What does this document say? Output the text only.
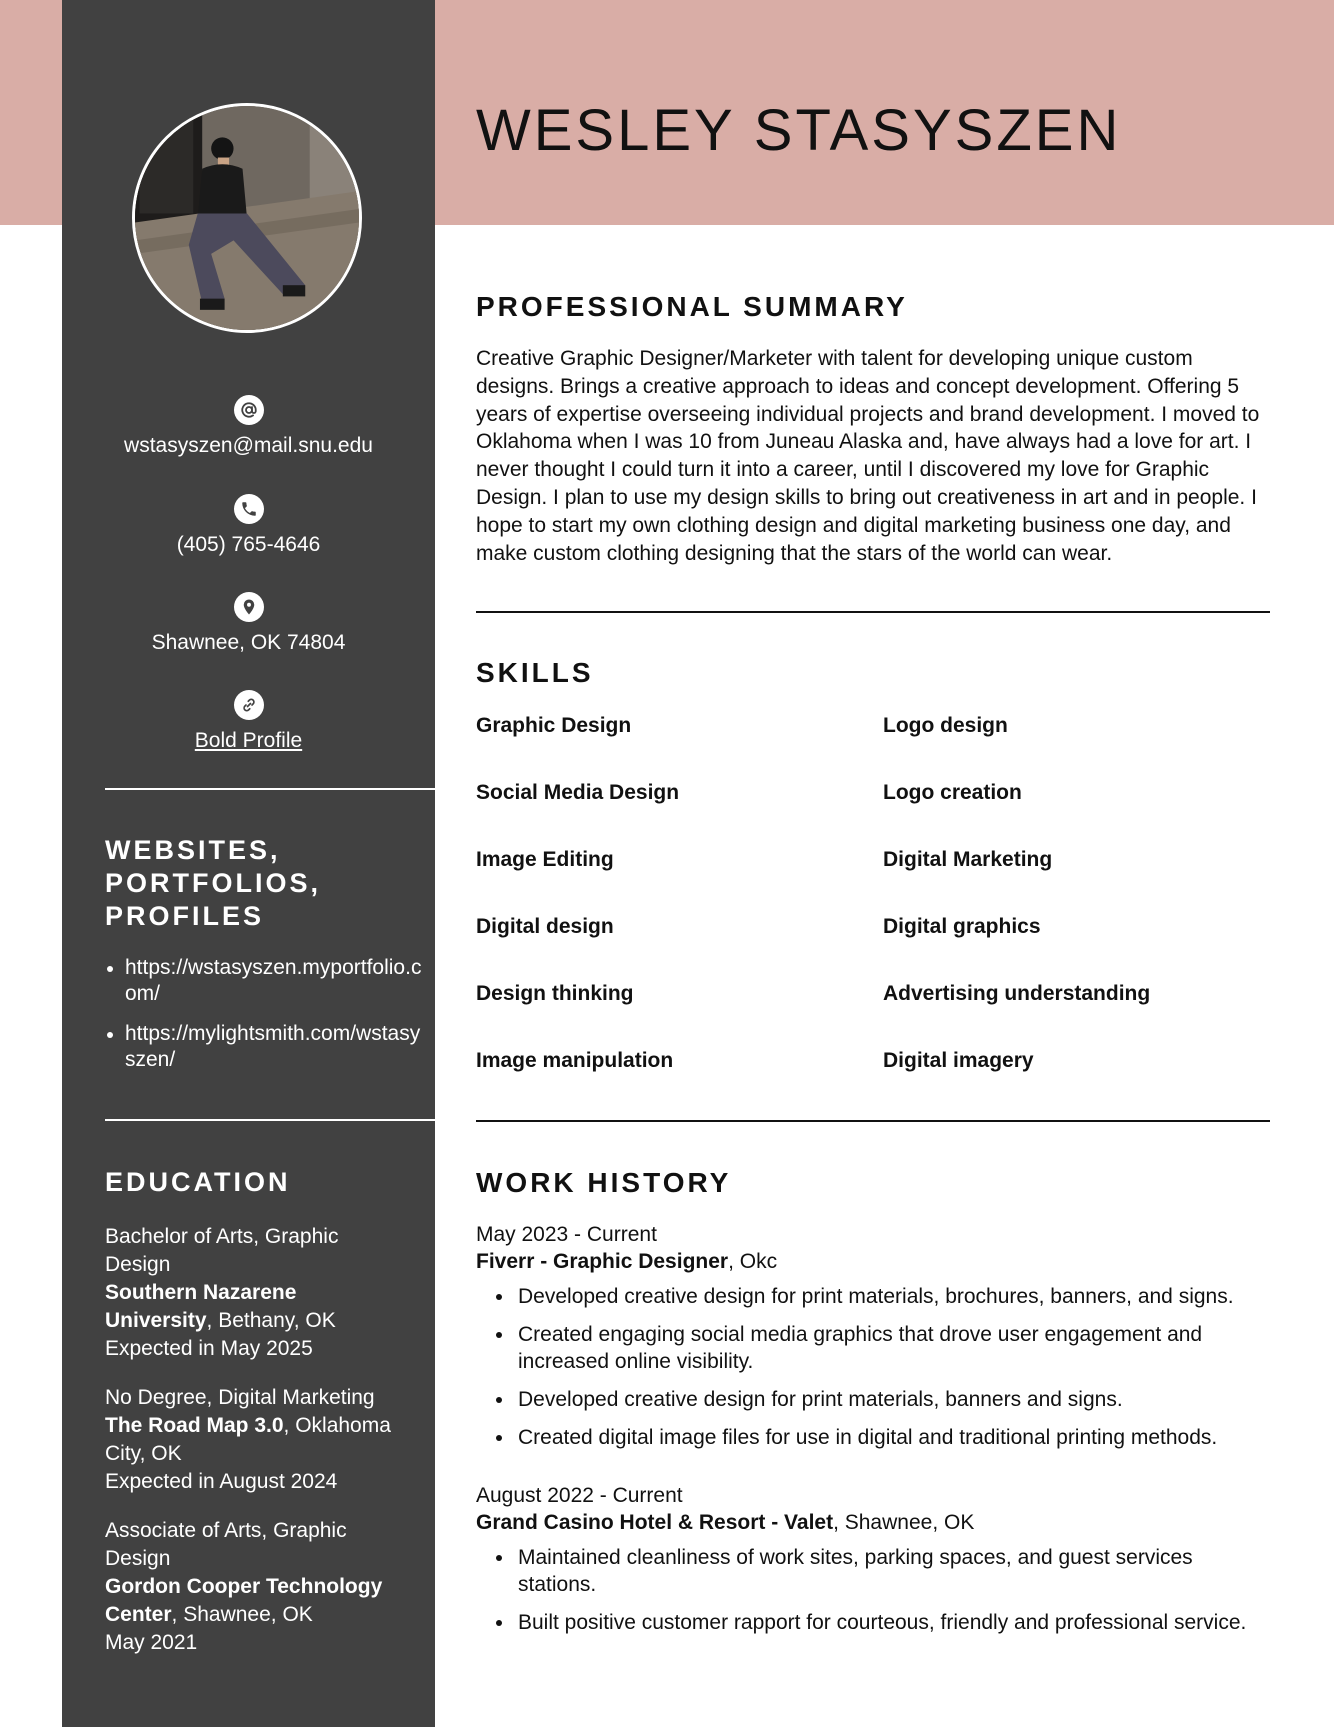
wstasyszen@mail.snu.edu
(405) 765-4646
Shawnee, OK 74804
Bold Profile
WEBSITES, PORTFOLIOS, PROFILES
https://wstasyszen.myportfolio.com/
https://mylightsmith.com/wstasyszen/
EDUCATION
Bachelor of Arts, Graphic Design
Southern Nazarene University, Bethany, OK
Expected in May 2025
No Degree, Digital Marketing
The Road Map 3.0, Oklahoma City, OK
Expected in August 2024
Associate of Arts, Graphic Design
Gordon Cooper Technology Center, Shawnee, OK
May 2021
WESLEY STASYSZEN
PROFESSIONAL SUMMARY

Creative Graphic Designer/Marketer with talent for developing unique custom designs. Brings a creative approach to ideas and concept development. Offering 5 years of expertise overseeing individual projects and brand development. I moved to Oklahoma when I was 10 from Juneau Alaska and, have always had a love for art. I never thought I could turn it into a career, until I discovered my love for Graphic Design. I plan to use my design skills to bring out creativeness in art and in people. I hope to start my own clothing design and digital marketing business one day, and make custom clothing designing that the stars of the world can wear.

SKILLS
Graphic Design	Logo design
Social Media Design	Logo creation
Image Editing	Digital Marketing
Digital design	Digital graphics
Design thinking	Advertising understanding
Image manipulation	Digital imagery
WORK HISTORY

May 2023 - Current

Fiverr - Graphic Designer, Okc

Developed creative design for print materials, brochures, banners, and signs.
Created engaging social media graphics that drove user engagement and increased online visibility.
Developed creative design for print materials, banners and signs.
Created digital image files for use in digital and traditional printing methods.

August 2022 - Current

Grand Casino Hotel & Resort - Valet, Shawnee, OK

Maintained cleanliness of work sites, parking spaces, and guest services stations.
Built positive customer rapport for courteous, friendly and professional service.
